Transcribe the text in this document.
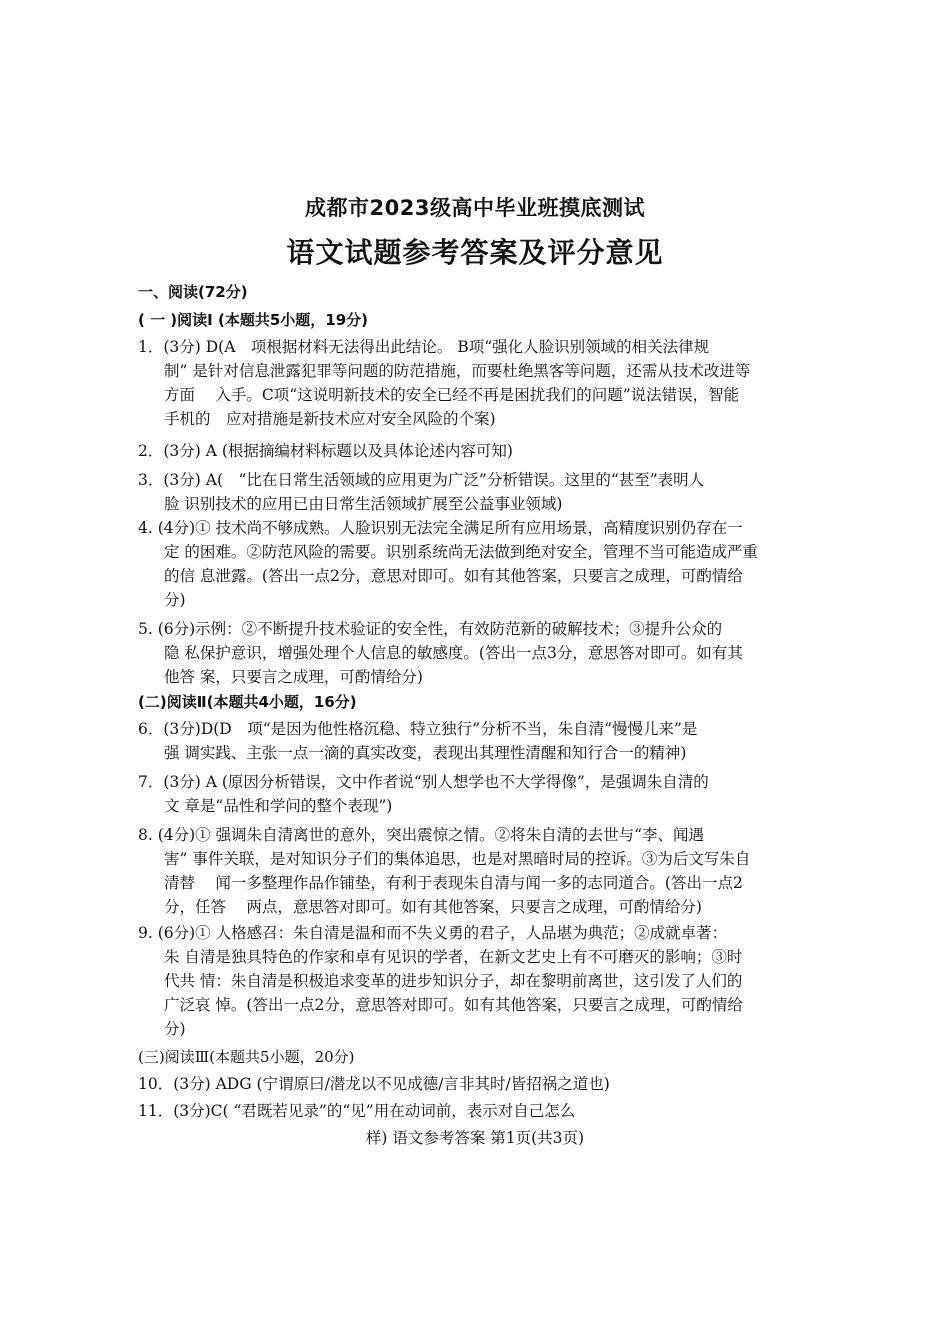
成都市2023级高中毕业班摸底测试
语文试题参考答案及评分意见
一、阅读(72分)
( 一 )阅读Ⅰ (本题共5小题，19分)
1．(3分) D(A　项根据材料无法得出此结论。 B项“强化人脸识别领域的相关法律规
制” 是针对信息泄露犯罪等问题的防范措施，而要杜绝黑客等问题，还需从技术改进等
方面　 入手。C项“这说明新技术的安全已经不再是困扰我们的问题”说法错误，智能
手机的　应对措施是新技术应对安全风险的个案)
2．(3分) A (根据摘编材料标题以及具体论述内容可知)
3．(3分) A(　“比在日常生活领域的应用更为广泛”分析错误。这里的“甚至”表明人
脸 识别技术的应用已由日常生活领域扩展至公益事业领域)
4. (4分)① 技术尚不够成熟。人脸识别无法完全满足所有应用场景，高精度识别仍存在一
定 的困难。②防范风险的需要。识别系统尚无法做到绝对安全，管理不当可能造成严重
的信 息泄露。(答出一点2分，意思对即可。如有其他答案，只要言之成理，可酌情给
分)
5. (6分)示例：②不断提升技术验证的安全性，有效防范新的破解技术；③提升公众的
隐 私保护意识，增强处理个人信息的敏感度。(答出一点3分，意思答对即可。如有其
他答 案，只要言之成理，可酌情给分)
(二)阅读Ⅱ(本题共4小题，16分)
6．(3分)D(D　项“是因为他性格沉稳、特立独行”分析不当，朱自清“慢慢儿来”是
强 调实践、主张一点一滴的真实改变，表现出其理性清醒和知行合一的精神)
7．(3分) A (原因分析错误，文中作者说“别人想学也不大学得像”，是强调朱自清的
文 章是“品性和学问的整个表现”)
8. (4分)① 强调朱自清离世的意外，突出震惊之情。②将朱自清的去世与“李、闻遇
害” 事件关联，是对知识分子们的集体追思，也是对黑暗时局的控诉。③为后文写朱自
清替　 闻一多整理作品作铺垫，有利于表现朱自清与闻一多的志同道合。(答出一点2
分，任答　 两点，意思答对即可。如有其他答案，只要言之成理，可酌情给分)
9. (6分)① 人格感召：朱自清是温和而不失义勇的君子，人品堪为典范；②成就卓著：
朱 自清是独具特色的作家和卓有见识的学者，在新文艺史上有不可磨灭的影响；③时
代共 情：朱自清是积极追求变革的进步知识分子，却在黎明前离世，这引发了人们的
广泛哀 悼。(答出一点2分，意思答对即可。如有其他答案，只要言之成理，可酌情给
分)
(三)阅读Ⅲ(本题共5小题，20分)
10．(3分) ADG (宁谓原曰/潜龙以不见成德/言非其时/皆招祸之道也)
11．(3分)C( “君既若见录”的“见”用在动词前，表示对自己怎么
样) 语文参考答案 第1页(共3页)
